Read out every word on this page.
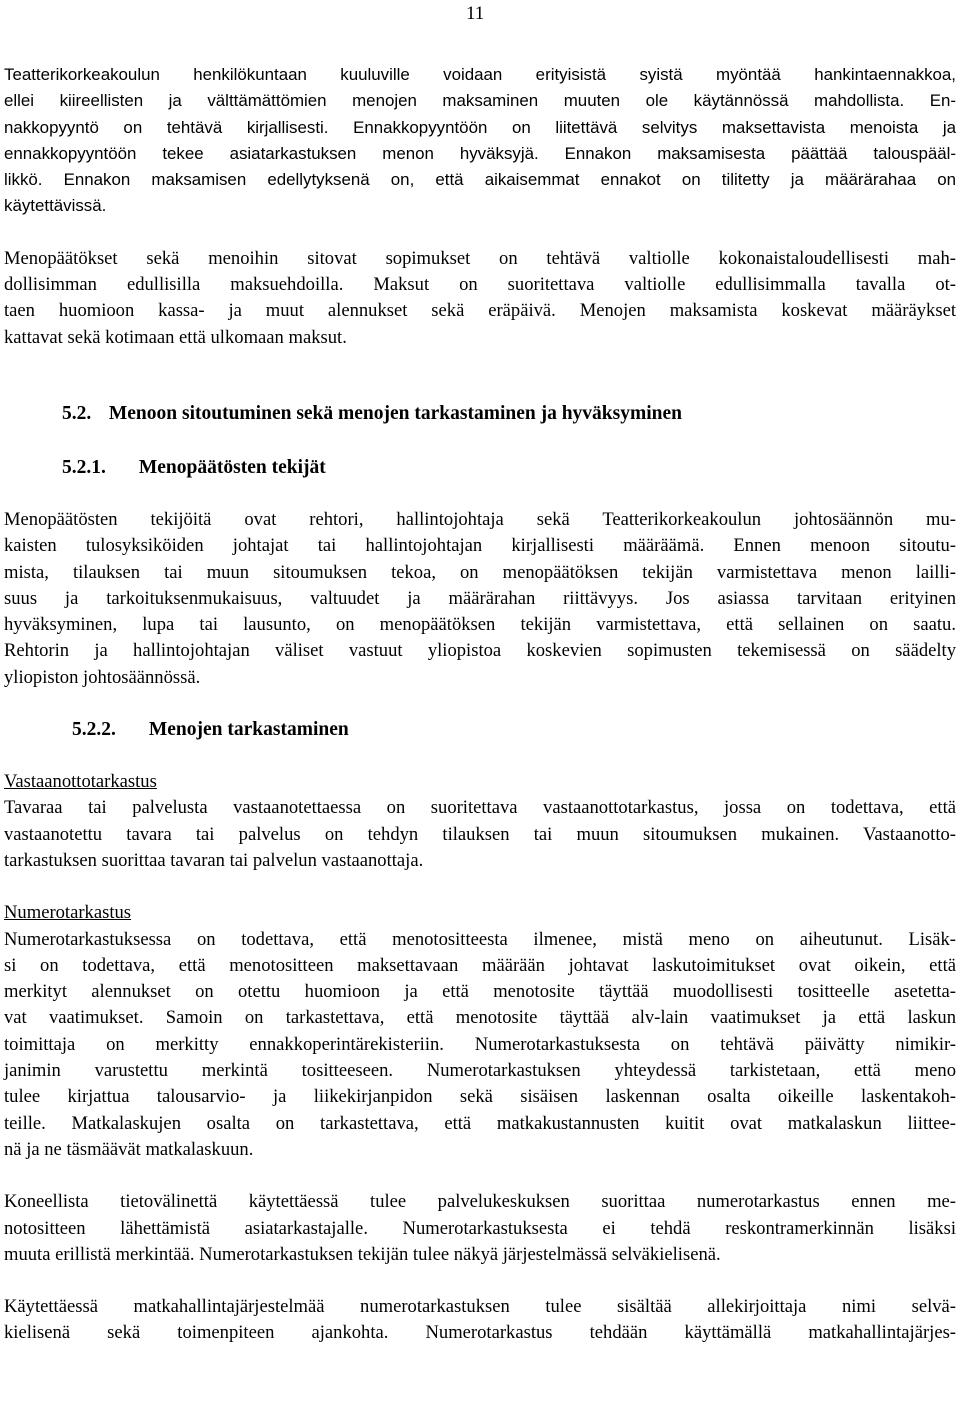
11
Teatterikorkeakoulun henkilökuntaan kuuluville voidaan erityisistä syistä myöntää hankintaennakkoa,
ellei kiireellisten ja välttämättömien menojen maksaminen muuten ole käytännössä mahdollista. En-
nakkopyyntö on tehtävä kirjallisesti. Ennakkopyyntöön on liitettävä selvitys maksettavista menoista ja
ennakkopyyntöön tekee asiatarkastuksen menon hyväksyjä. Ennakon maksamisesta päättää talouspääl-
likkö. Ennakon maksamisen edellytyksenä on, että aikaisemmat ennakot on tilitetty ja määrärahaa on
käytettävissä.
Menopäätökset sekä menoihin sitovat sopimukset on tehtävä valtiolle kokonaistaloudellisesti mah-
dollisimman edullisilla maksuehdoilla. Maksut on suoritettava valtiolle edullisimmalla tavalla ot-
taen huomioon kassa- ja muut alennukset sekä eräpäivä. Menojen maksamista koskevat määräykset
kattavat sekä kotimaan että ulkomaan maksut.
5.2. Menoon sitoutuminen sekä menojen tarkastaminen ja hyväksyminen
5.2.1. Menopäätösten tekijät
Menopäätösten tekijöitä ovat rehtori, hallintojohtaja sekä Teatterikorkeakoulun johtosäännön mu-
kaisten tulosyksiköiden johtajat tai hallintojohtajan kirjallisesti määräämä. Ennen menoon sitoutu-
mista, tilauksen tai muun sitoumuksen tekoa, on menopäätöksen tekijän varmistettava menon lailli-
suus ja tarkoituksenmukaisuus, valtuudet ja määrärahan riittävyys. Jos asiassa tarvitaan erityinen
hyväksyminen, lupa tai lausunto, on menopäätöksen tekijän varmistettava, että sellainen on saatu.
Rehtorin ja hallintojohtajan väliset vastuut yliopistoa koskevien sopimusten tekemisessä on säädelty
yliopiston johtosäännössä.
5.2.2. Menojen tarkastaminen
Vastaanottotarkastus
Tavaraa tai palvelusta vastaanotettaessa on suoritettava vastaanottotarkastus, jossa on todettava, että
vastaanotettu tavara tai palvelus on tehdyn tilauksen tai muun sitoumuksen mukainen. Vastaanotto-
tarkastuksen suorittaa tavaran tai palvelun vastaanottaja.
Numerotarkastus
Numerotarkastuksessa on todettava, että menotositteesta ilmenee, mistä meno on aiheutunut. Lisäk-
si on todettava, että menotositteen maksettavaan määrään johtavat laskutoimitukset ovat oikein, että
merkityt alennukset on otettu huomioon ja että menotosite täyttää muodollisesti tositteelle asetetta-
vat vaatimukset. Samoin on tarkastettava, että menotosite täyttää alv-lain vaatimukset ja että laskun
toimittaja on merkitty ennakkoperintärekisteriin. Numerotarkastuksesta on tehtävä päivätty nimikir-
janimin varustettu merkintä tositteeseen. Numerotarkastuksen yhteydessä tarkistetaan, että meno
tulee kirjattua talousarvio- ja liikekirjanpidon sekä sisäisen laskennan osalta oikeille laskentakoh-
teille. Matkalaskujen osalta on tarkastettava, että matkakustannusten kuitit ovat matkalaskun liittee-
nä ja ne täsmäävät matkalaskuun.
Koneellista tietovälinettä käytettäessä tulee palvelukeskuksen suorittaa numerotarkastus ennen me-
notositteen lähettämistä asiatarkastajalle. Numerotarkastuksesta ei tehdä reskontramerkinnän lisäksi
muuta erillistä merkintää. Numerotarkastuksen tekijän tulee näkyä järjestelmässä selväkielisenä.
Käytettäessä matkahallintajärjestelmää numerotarkastuksen tulee sisältää allekirjoittaja nimi selvä-
kielisenä sekä toimenpiteen ajankohta. Numerotarkastus tehdään käyttämällä matkahallintajärjes-
